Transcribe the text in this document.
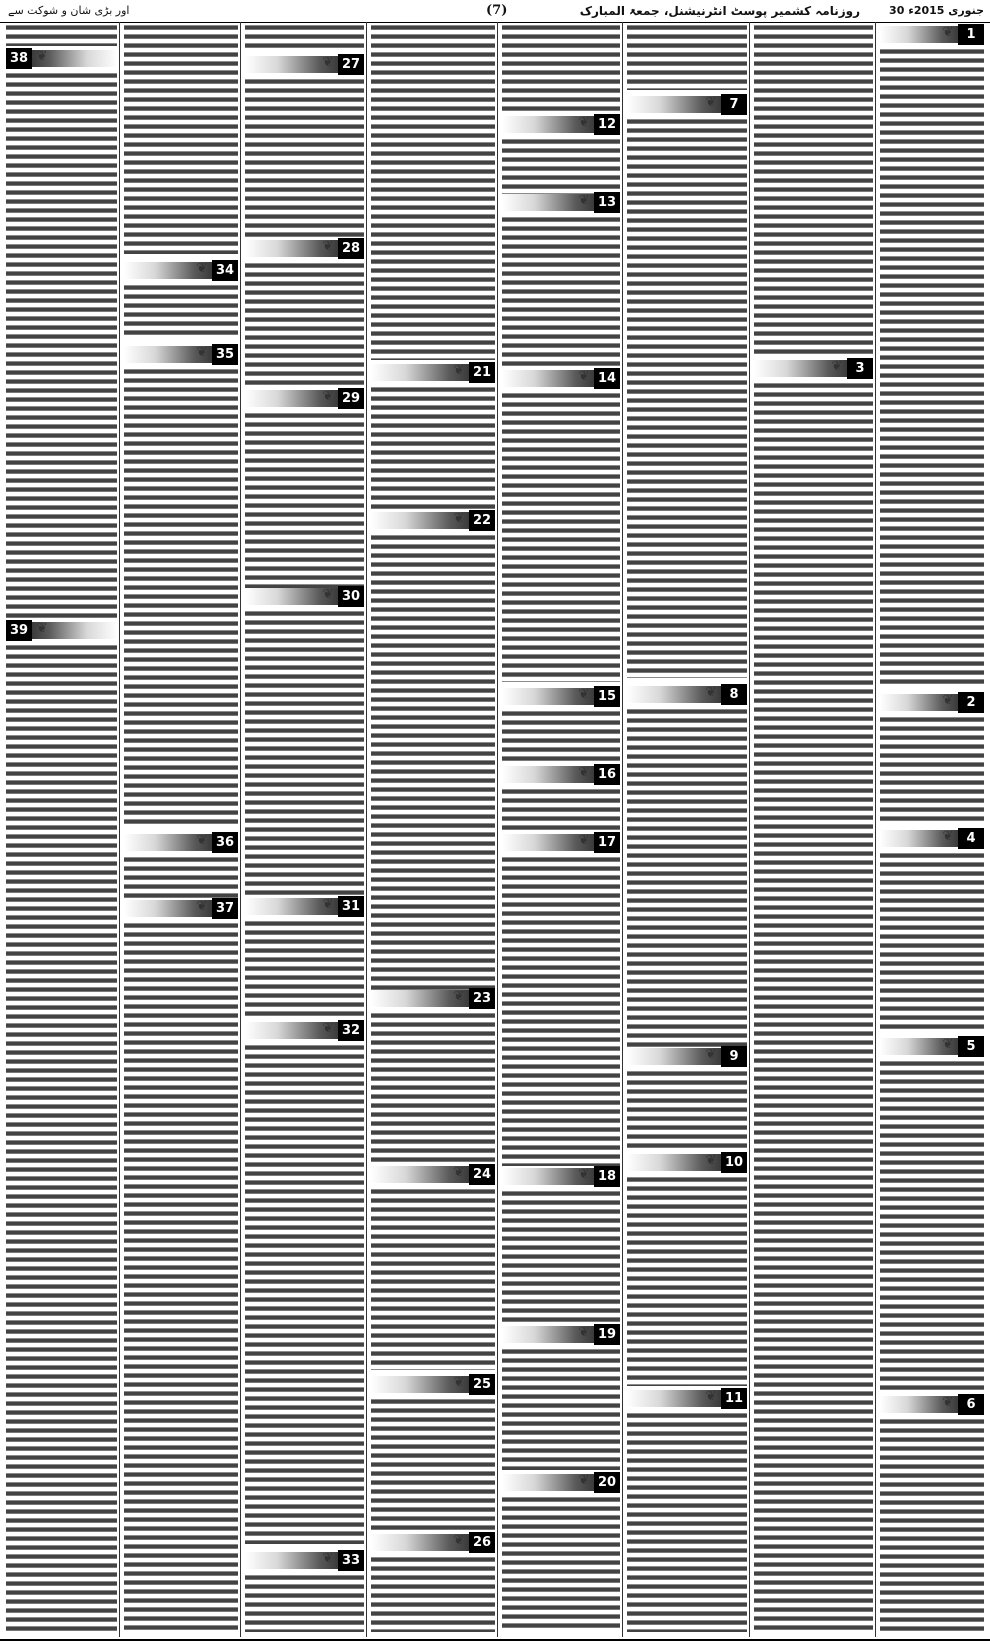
اور بڑی شان و شوکت سے	(7)	روزنامہ کشمیر پوسٹ انٹرنیشنل، جمعۃ المبارک	30 جنوری 2015ء
1
❦
2
❦
4
❦
5
❦
6
❦
3
❦
7
❦
8
❦
9
❦
10
❦
11
❦
12
❦
13
❦
14
❦
15
❦
16
❦
17
❦
18
❦
19
❦
20
❦
21
❦
22
❦
23
❦
24
❦
25
❦
26
❦
27
❦
28
❦
29
❦
30
❦
31
❦
32
❦
33
❦
34
❦
35
❦
36
❦
37
❦
38 ❦
39 ❦
